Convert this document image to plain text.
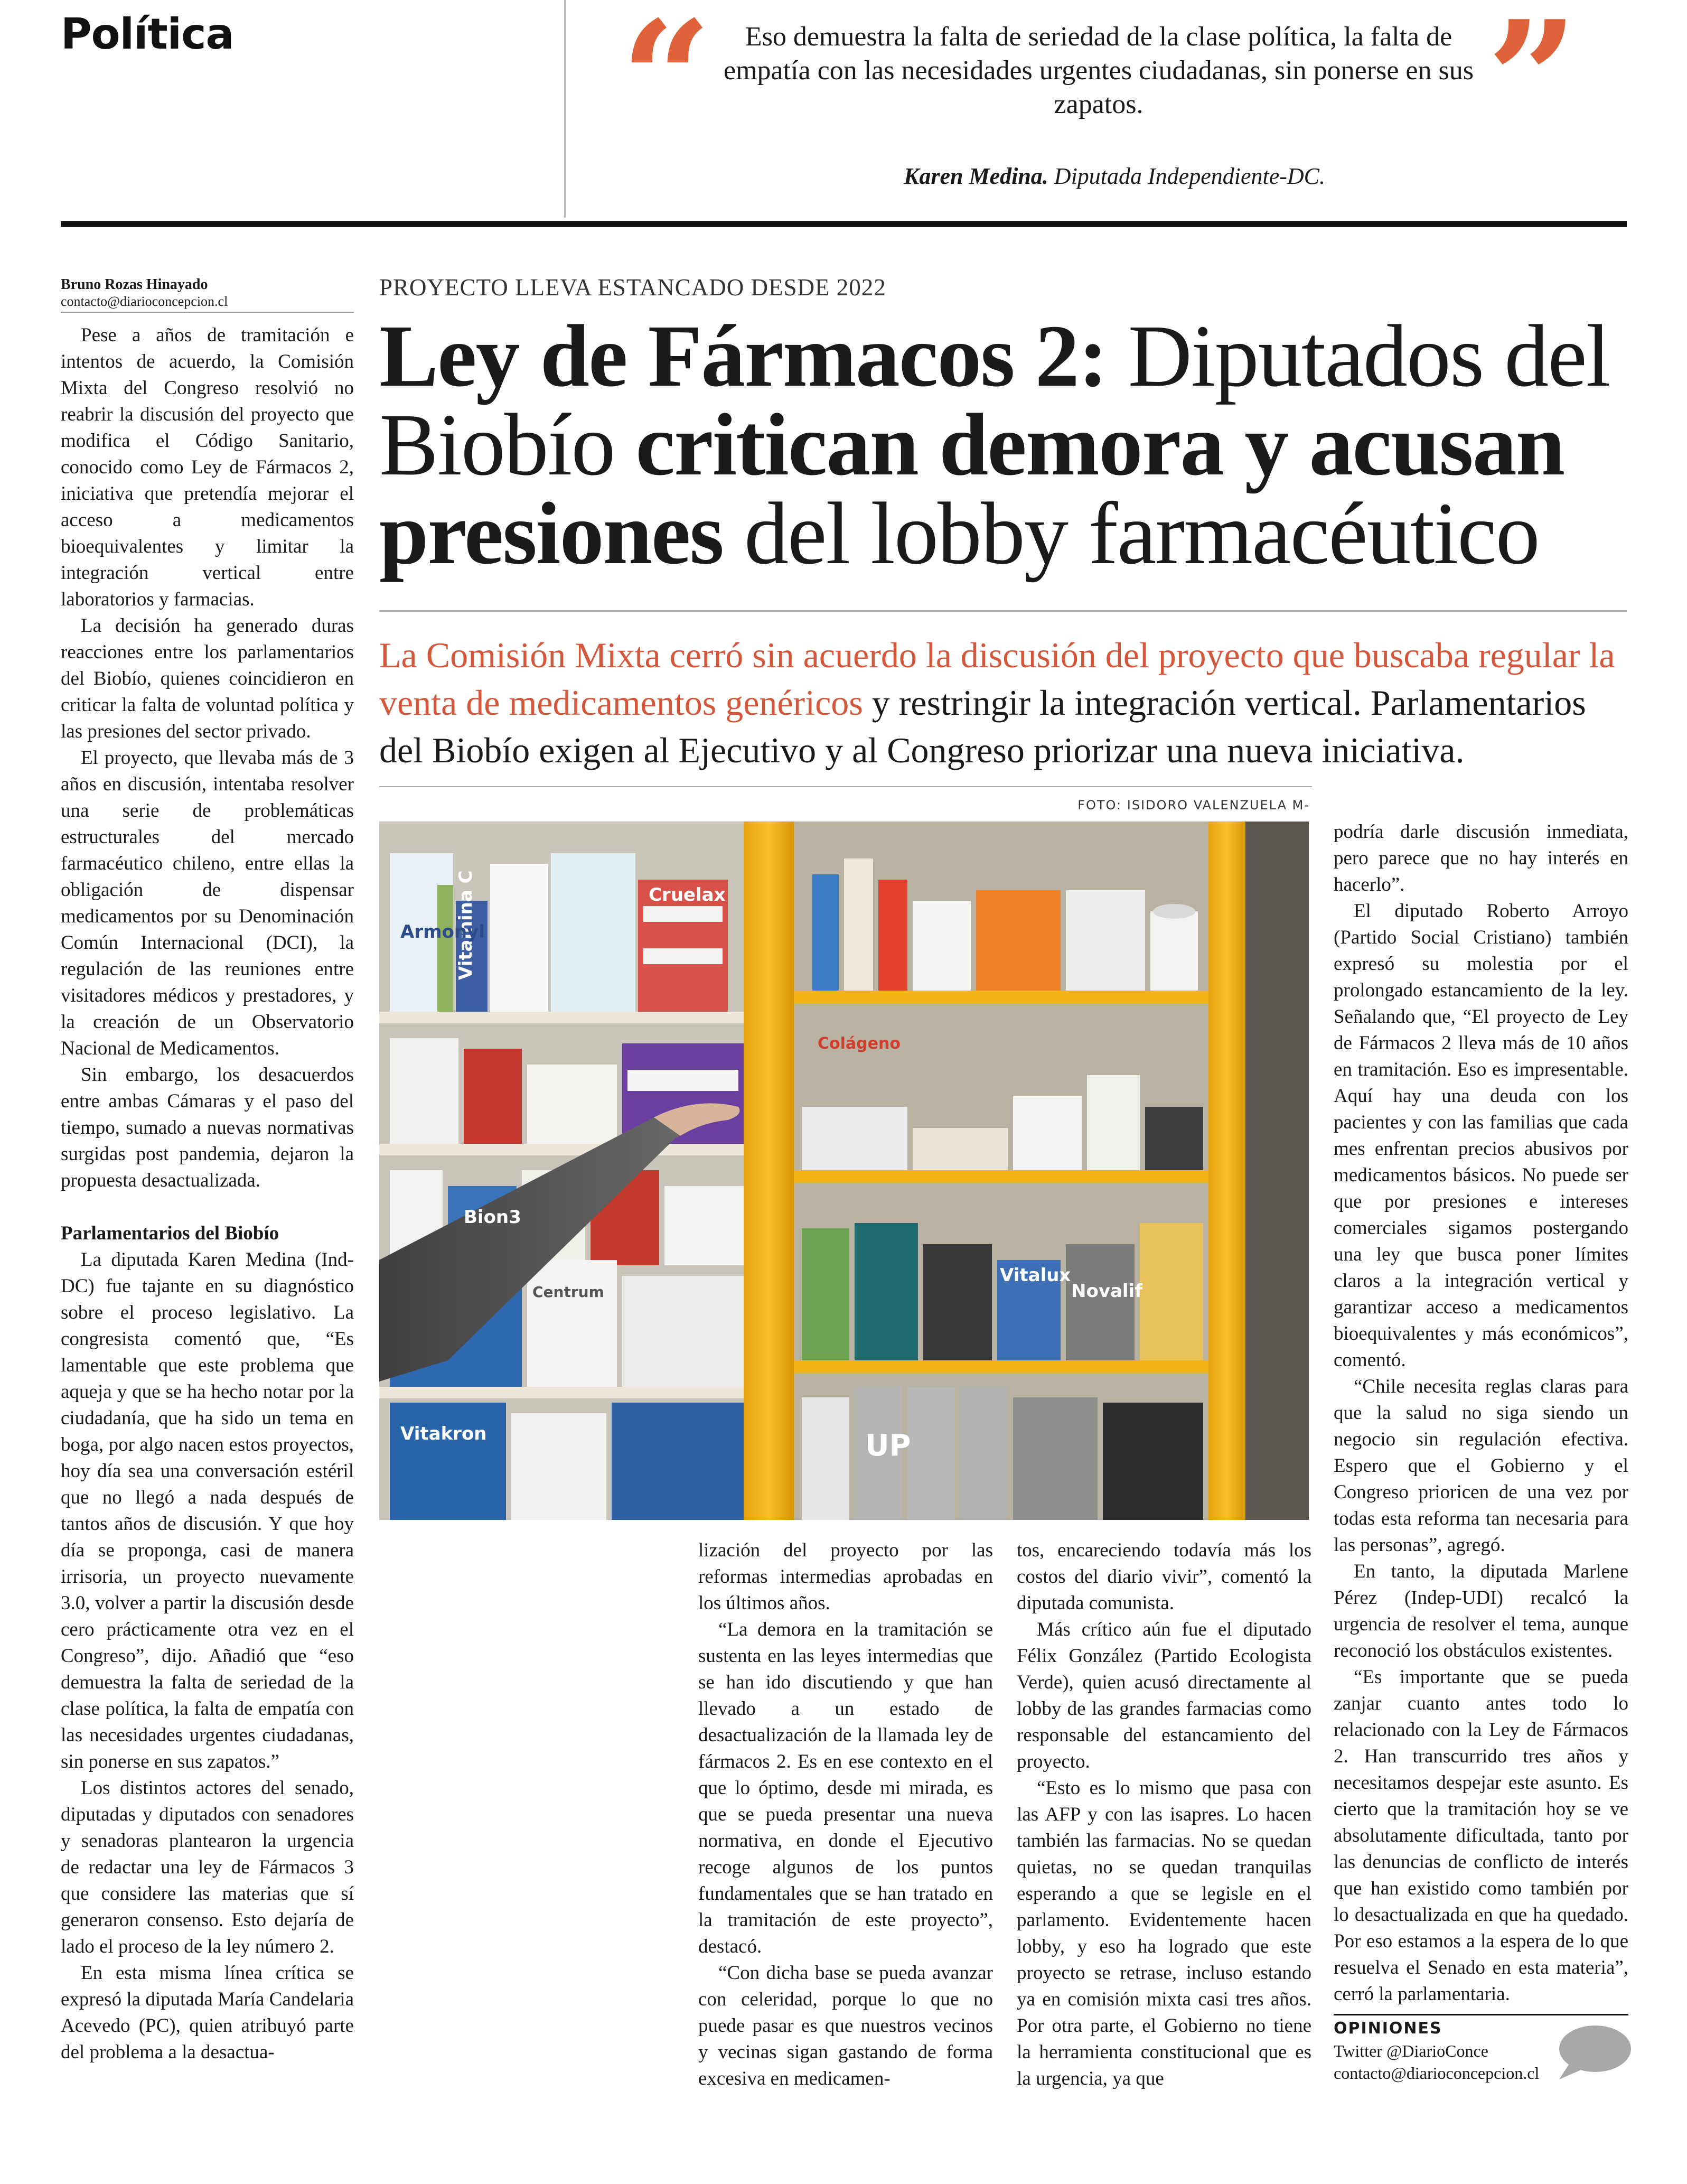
Política “	Eso demuestra la falta de seriedad de la clase política, la falta de empatía con las necesidades urgentes ciudadanas, sin ponerse en sus zapatos.	”
Karen Medina. Diputada Independiente-DC.
Bruno Rozas Hinayado
contacto@diarioconcepcion.cl

PROYECTO LLEVA ESTANCADO DESDE 2022

Ley de Fármacos 2: Diputados del Biobío critican demora y acusan presiones del lobby farmacéutico

La Comisión Mixta cerró sin acuerdo la discusión del proyecto que buscaba regular la venta de medicamentos genéricos y restringir la integración vertical. Parlamentarios del Biobío exigen al Ejecutivo y al Congreso priorizar una nueva iniciativa.

FOTO: ISIDORO VALENZUELA M-
Vitamina C	Cruelax
Bion3
Novalif
Vitalux
UP
Vitakron
Armonyl
Centrum
Colágeno

Pese a años de tramitación e intentos de acuerdo, la Comisión Mixta del Congreso resolvió no reabrir la discusión del proyecto que modifica el Código Sanitario, conocido como Ley de Fármacos 2, iniciativa que pretendía mejorar el acceso a medicamentos bioequivalentes y limitar la integración vertical entre laboratorios y farmacias.

La decisión ha generado duras reacciones entre los parlamentarios del Biobío, quienes coincidieron en criticar la falta de voluntad política y las presiones del sector privado.

El proyecto, que llevaba más de 3 años en discusión, intentaba resolver una serie de problemáticas estructurales del mercado farmacéutico chileno, entre ellas la obligación de dispensar medicamentos por su Denominación Común Internacional (DCI), la regulación de las reuniones entre visitadores médicos y prestadores, y la creación de un Observatorio Nacional de Medicamentos.

Sin embargo, los desacuerdos entre ambas Cámaras y el paso del tiempo, sumado a nuevas normativas surgidas post pandemia, dejaron la propuesta desactualizada.

Parlamentarios del Biobío

La diputada Karen Medina (Ind-DC) fue tajante en su diagnóstico sobre el proceso legislativo. La congresista comentó que, “Es lamentable que este problema que aqueja y que se ha hecho notar por la ciudadanía, que ha sido un tema en boga, por algo nacen estos proyectos, hoy día sea una conversación estéril que no llegó a nada después de tantos años de discusión. Y que hoy día se proponga, casi de manera irrisoria, un proyecto nuevamente 3.0, volver a partir la discusión desde cero prácticamente otra vez en el Congreso”, dijo. Añadió que “eso demuestra la falta de seriedad de la clase política, la falta de empatía con las necesidades urgentes ciudadanas, sin ponerse en sus zapatos.”

Los distintos actores del senado, diputadas y diputados con senadores y senadoras plantearon la urgencia de redactar una ley de Fármacos 3 que considere las materias que sí generaron consenso. Esto dejaría de lado el proceso de la ley número 2.

En esta misma línea crítica se expresó la diputada María Candelaria Acevedo (PC), quien atribuyó parte del problema a la desactua-

lización del proyecto por las reformas intermedias aprobadas en los últimos años.

“La demora en la tramitación se sustenta en las leyes intermedias que se han ido discutiendo y que han llevado a un estado de desactualización de la llamada ley de fármacos 2. Es en ese contexto en el que lo óptimo, desde mi mirada, es que se pueda presentar una nueva normativa, en donde el Ejecutivo recoge algunos de los puntos fundamentales que se han tratado en la tramitación de este proyecto”, destacó.

“Con dicha base se pueda avanzar con celeridad, porque lo que no puede pasar es que nuestros vecinos y vecinas sigan gastando de forma excesiva en medicamen-

tos, encareciendo todavía más los costos del diario vivir”, comentó la diputada comunista.

Más crítico aún fue el diputado Félix González (Partido Ecologista Verde), quien acusó directamente al lobby de las grandes farmacias como responsable del estancamiento del proyecto.

“Esto es lo mismo que pasa con las AFP y con las isapres. Lo hacen también las farmacias. No se quedan quietas, no se quedan tranquilas esperando a que se legisle en el parlamento. Evidentemente hacen lobby, y eso ha logrado que este proyecto se retrase, incluso estando ya en comisión mixta casi tres años. Por otra parte, el Gobierno no tiene la herramienta constitucional que es la urgencia, ya que

podría darle discusión inmediata, pero parece que no hay interés en hacerlo”.

El diputado Roberto Arroyo (Partido Social Cristiano) también expresó su molestia por el prolongado estancamiento de la ley. Señalando que, “El proyecto de Ley de Fármacos 2 lleva más de 10 años en tramitación. Eso es impresentable. Aquí hay una deuda con los pacientes y con las familias que cada mes enfrentan precios abusivos por medicamentos básicos. No puede ser que por presiones e intereses comerciales sigamos postergando una ley que busca poner límites claros a la integración vertical y garantizar acceso a medicamentos bioequivalentes y más económicos”, comentó.

“Chile necesita reglas claras para que la salud no siga siendo un negocio sin regulación efectiva. Espero que el Gobierno y el Congreso prioricen de una vez por todas esta reforma tan necesaria para las personas”, agregó.

En tanto, la diputada Marlene Pérez (Indep-UDI) recalcó la urgencia de resolver el tema, aunque reconoció los obstáculos existentes.

“Es importante que se pueda zanjar cuanto antes todo lo relacionado con la Ley de Fármacos 2. Han transcurrido tres años y necesitamos despejar este asunto. Es cierto que la tramitación hoy se ve absolutamente dificultada, tanto por las denuncias de conflicto de interés que han existido como también por lo desactualizada en que ha quedado. Por eso estamos a la espera de lo que resuelva el Senado en esta materia”, cerró la parlamentaria.

OPINIONES
Twitter @DiarioConce
contacto@diarioconcepcion.cl
